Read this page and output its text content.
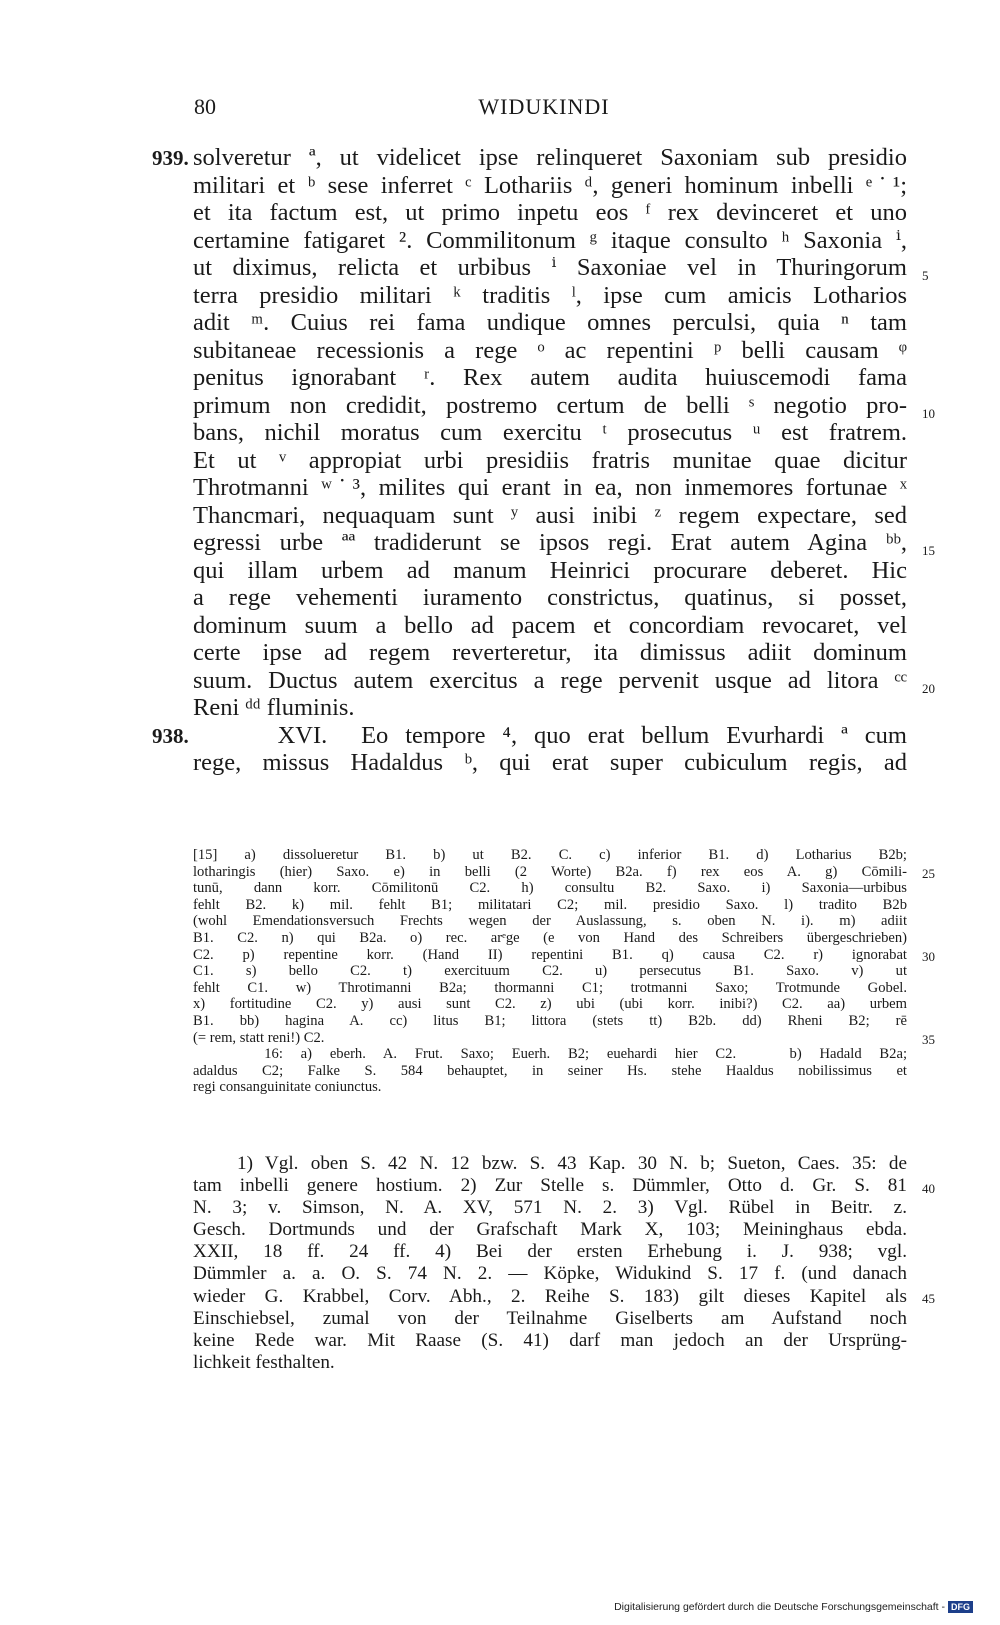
80	WIDUKINDI
939.
938.
solveretur ª, ut videlicet ipse relinqueret Saxoniam sub presidio
militari et ᵇ sese inferret ᶜ Lothariis ᵈ, generi hominum inbelli ᵉ˙¹;
et ita factum est, ut primo inpetu eos ᶠ rex devinceret et uno
certamine fatigaret ². Commilitonum ᵍ itaque consulto ʰ Saxonia ⁱ,
ut diximus, relicta et urbibus ⁱ Saxoniae vel in Thuringorum
terra presidio militari ᵏ traditis ˡ, ipse cum amicis Lotharios
adit ᵐ. Cuius rei fama undique omnes perculsi, quia ⁿ tam
subitaneae recessionis a rege ᵒ ac repentini ᵖ belli causam ᵠ
penitus ignorabant ʳ. Rex autem audita huiuscemodi fama
primum non credidit, postremo certum de belli ˢ negotio pro-
bans, nichil moratus cum exercitu ᵗ prosecutus ᵘ est fratrem.
Et ut ᵛ appropiat urbi presidiis fratris munitae quae dicitur
Throtmanni ʷ˙³, milites qui erant in ea, non inmemores fortunae ˣ
Thancmari, nequaquam sunt ʸ ausi inibi ᶻ regem expectare, sed
egressi urbe ªª tradiderunt se ipsos regi. Erat autem Agina ᵇᵇ,
qui illam urbem ad manum Heinrici procurare deberet. Hic
a rege vehementi iuramento constrictus, quatinus, si posset,
dominum suum a bello ad pacem et concordiam revocaret, vel
certe ipse ad regem reverteretur, ita dimissus adiit dominum
suum. Ductus autem exercitus a rege pervenit usque ad litora ᶜᶜ
Reni ᵈᵈ fluminis.
XVI.  Eo tempore ⁴, quo erat bellum Evurhardi ª cum
rege, missus Hadaldus ᵇ, qui erat super cubiculum regis, ad
5
10
15
20
[15] a) dissolueretur B1. b) ut B2. C. c) inferior B1. d) Lotharius B2b;
lotharingis (hier) Saxo. e) in belli (2 Worte) B2a. f) rex eos A. g) Cōmili-
tunū, dann korr. Cōmilitonū C2. h) consultu B2. Saxo. i) Saxonia—urbibus
fehlt B2. k) mil. fehlt B1; militatari C2; mil. presidio Saxo. l) tradito B2b
(wohl Emendationsversuch Frechts wegen der Auslassung, s. oben N. i). m) adiit
B1. C2. n) qui B2a. o) rec. arᵉge (e von Hand des Schreibers übergeschrieben)
C2. p) repentine korr. (Hand II) repentini B1. q) causa C2. r) ignorabat
C1. s) bello C2. t) exercituum C2. u) persecutus B1. Saxo. v) ut
fehlt C1. w) Throtimanni B2a; thormanni C1; trotmanni Saxo; Trotmunde Gobel.
x) fortitudine C2. y) ausi sunt C2. z) ubi (ubi korr. inibi?) C2. aa) urbem
B1. bb) hagina A. cc) litus B1; littora (stets tt) B2b. dd) Rheni B2; rē
(= rem, statt reni!) C2.
16: a) eberh. A. Frut. Saxo; Euerh. B2; euehardi hier C2.   b) Hadald B2a;
adaldus C2; Falke S. 584 behauptet, in seiner Hs. stehe Haaldus nobilissimus et
regi consanguinitate coniunctus.
25
30
35
1) Vgl. oben S. 42 N. 12 bzw. S. 43 Kap. 30 N. b; Sueton, Caes. 35: de
tam inbelli genere hostium. 2) Zur Stelle s. Dümmler, Otto d. Gr. S. 81
N. 3; v. Simson, N. A. XV, 571 N. 2. 3) Vgl. Rübel in Beitr. z.
Gesch. Dortmunds und der Grafschaft Mark X, 103; Meininghaus ebda.
XXII, 18 ff. 24 ff. 4) Bei der ersten Erhebung i. J. 938; vgl.
Dümmler a. a. O. S. 74 N. 2. — Köpke, Widukind S. 17 f. (und danach
wieder G. Krabbel, Corv. Abh., 2. Reihe S. 183) gilt dieses Kapitel als
Einschiebsel, zumal von der Teilnahme Giselberts am Aufstand noch
keine Rede war. Mit Raase (S. 41) darf man jedoch an der Ursprüng-
lichkeit festhalten.
40
45
Digitalisierung gefördert durch die Deutsche Forschungsgemeinschaft - DFG
